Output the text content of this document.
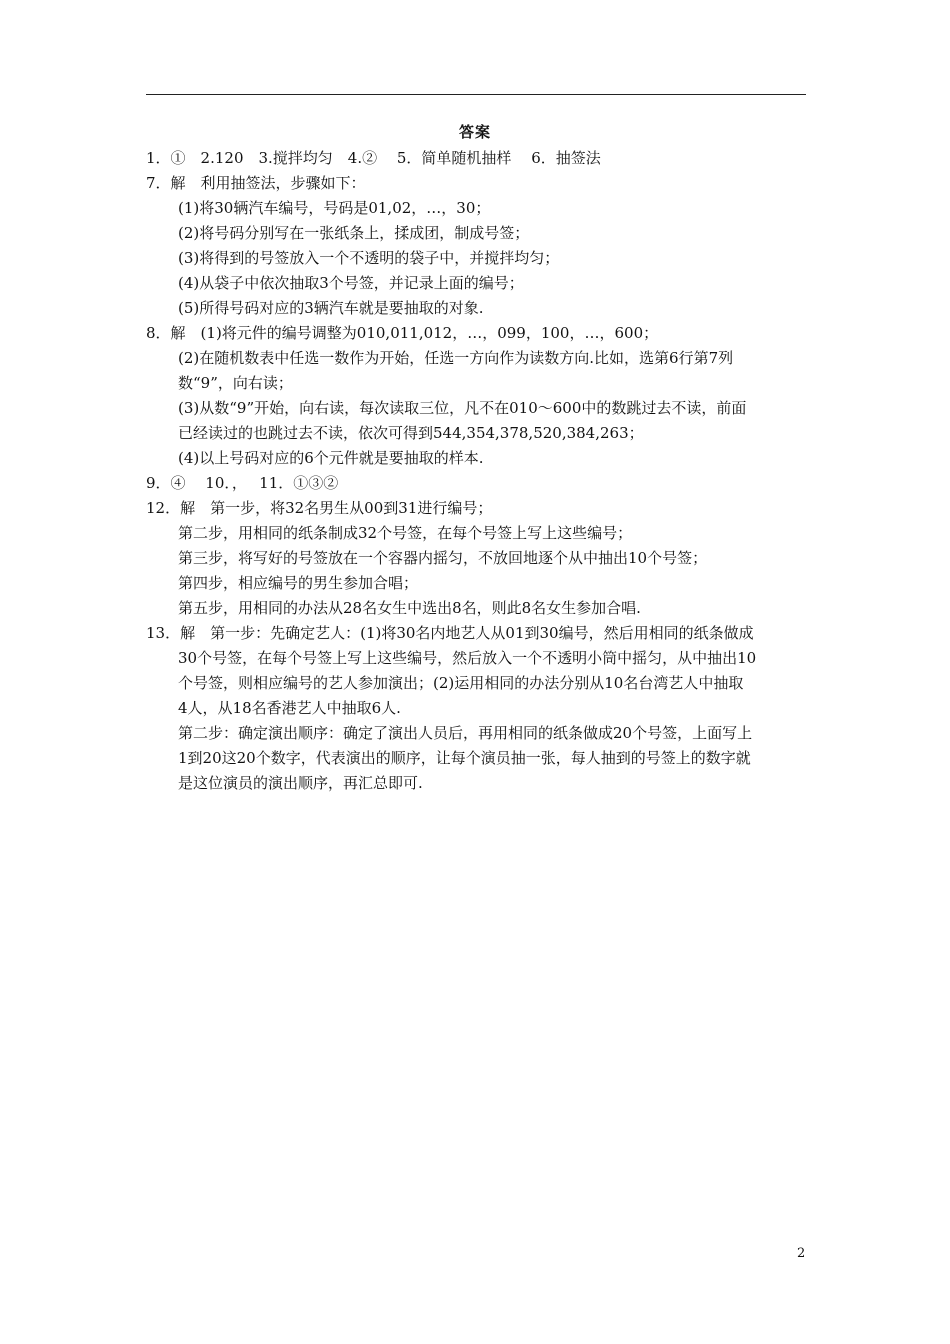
答案
1．①　2.120　3.搅拌均匀　4.②　 5．简单随机抽样　 6．抽签法
7．解　利用抽签法，步骤如下：
(1)将30辆汽车编号，号码是01,02，…，30；
(2)将号码分别写在一张纸条上，揉成团，制成号签；
(3)将得到的号签放入一个不透明的袋子中，并搅拌均匀；
(4)从袋子中依次抽取3个号签，并记录上面的编号；
(5)所得号码对应的3辆汽车就是要抽取的对象.
8．解　(1)将元件的编号调整为010,011,012，…，099，100，…，600；
(2)在随机数表中任选一数作为开始，任选一方向作为读数方向.比如，选第6行第7列
数“9”，向右读；
(3)从数“9”开始，向右读，每次读取三位，凡不在010～600中的数跳过去不读，前面
已经读过的也跳过去不读，依次可得到544,354,378,520,384,263；
(4)以上号码对应的6个元件就是要抽取的样本.
9．④　 10．，　 11．①③②
12．解　第一步，将32名男生从00到31进行编号；
第二步，用相同的纸条制成32个号签，在每个号签上写上这些编号；
第三步，将写好的号签放在一个容器内摇匀，不放回地逐个从中抽出10个号签；
第四步，相应编号的男生参加合唱；
第五步，用相同的办法从28名女生中选出8名，则此8名女生参加合唱.
13．解　第一步：先确定艺人：(1)将30名内地艺人从01到30编号，然后用相同的纸条做成
30个号签，在每个号签上写上这些编号，然后放入一个不透明小筒中摇匀，从中抽出10
个号签，则相应编号的艺人参加演出；(2)运用相同的办法分别从10名台湾艺人中抽取
4人，从18名香港艺人中抽取6人.
第二步：确定演出顺序：确定了演出人员后，再用相同的纸条做成20个号签，上面写上
1到20这20个数字，代表演出的顺序，让每个演员抽一张，每人抽到的号签上的数字就
是这位演员的演出顺序，再汇总即可.
2
